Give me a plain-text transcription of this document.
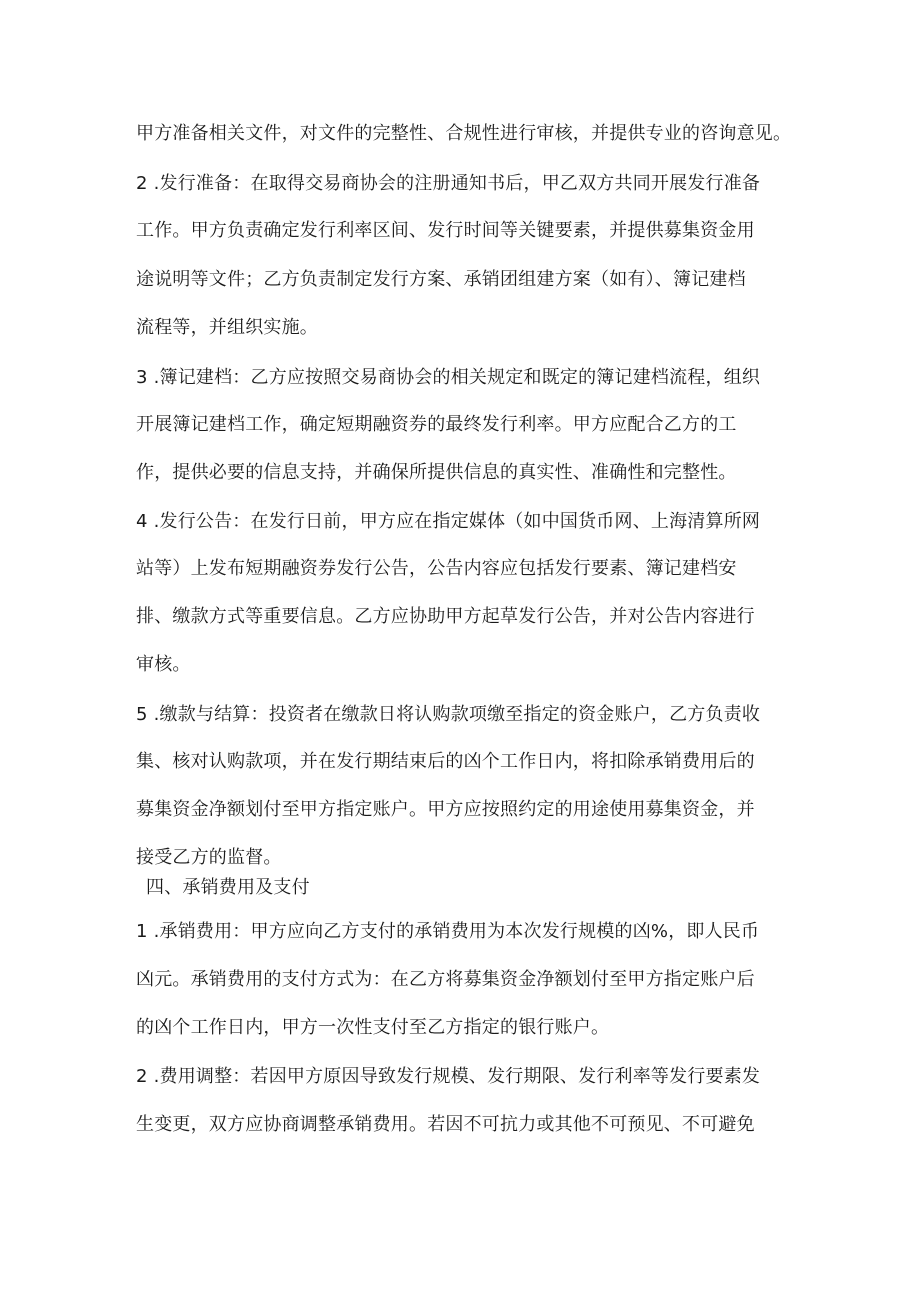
甲方准备相关文件，对文件的完整性、合规性进行审核，并提供专业的咨询意见。
2 .发行准备：在取得交易商协会的注册通知书后，甲乙双方共同开展发行准备
工作。甲方负责确定发行利率区间、发行时间等关键要素，并提供募集资金用
途说明等文件；乙方负责制定发行方案、承销团组建方案（如有）、簿记建档
流程等，并组织实施。
3 .簿记建档：乙方应按照交易商协会的相关规定和既定的簿记建档流程，组织
开展簿记建档工作，确定短期融资券的最终发行利率。甲方应配合乙方的工
作，提供必要的信息支持，并确保所提供信息的真实性、准确性和完整性。
4 .发行公告：在发行日前，甲方应在指定媒体（如中国货币网、上海清算所网
站等）上发布短期融资券发行公告，公告内容应包括发行要素、簿记建档安
排、缴款方式等重要信息。乙方应协助甲方起草发行公告，并对公告内容进行
审核。
5 .缴款与结算：投资者在缴款日将认购款项缴至指定的资金账户，乙方负责收
集、核对认购款项，并在发行期结束后的凶个工作日内，将扣除承销费用后的
募集资金净额划付至甲方指定账户。甲方应按照约定的用途使用募集资金，并
接受乙方的监督。
四、承销费用及支付
1 .承销费用：甲方应向乙方支付的承销费用为本次发行规模的凶%，即人民币
凶元。承销费用的支付方式为：在乙方将募集资金净额划付至甲方指定账户后
的凶个工作日内，甲方一次性支付至乙方指定的银行账户。
2 .费用调整：若因甲方原因导致发行规模、发行期限、发行利率等发行要素发
生变更，双方应协商调整承销费用。若因不可抗力或其他不可预见、不可避免
